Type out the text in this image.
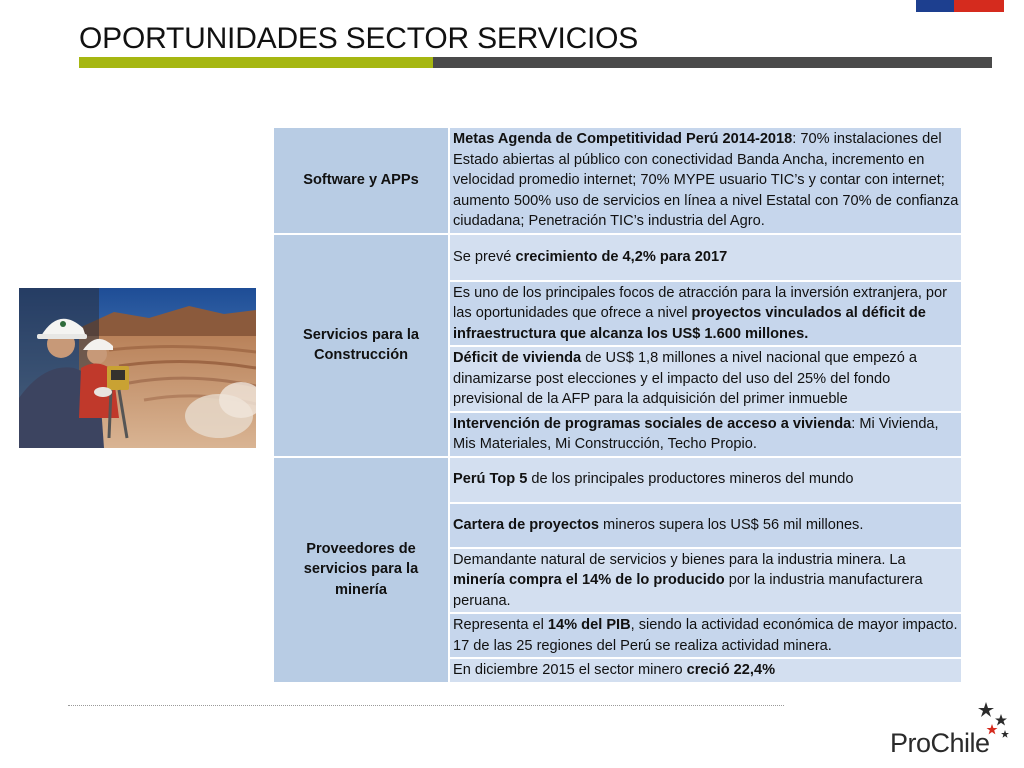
OPORTUNIDADES SECTOR SERVICIOS
Software y APPs	Metas Agenda de Competitividad Perú 2014-2018: 70% instalaciones del Estado abiertas al público con conectividad Banda Ancha, incremento en velocidad promedio internet; 70% MYPE usuario TIC’s y contar con internet; aumento 500% uso de servicios en línea a nivel Estatal con 70% de confianza ciudadana; Penetración TIC’s industria del Agro.
Servicios para la Construcción	Se prevé crecimiento de 4,2% para 2017
	Es uno de los principales focos de atracción para la inversión extranjera, por las oportunidades que ofrece a nivel proyectos vinculados al déficit de infraestructura que alcanza los US$ 1.600 millones.
	Déficit de vivienda de US$ 1,8 millones a nivel nacional que empezó a dinamizarse post elecciones y el impacto del uso del 25% del fondo previsional de la AFP para la adquisición del primer inmueble
	Intervención de programas sociales de acceso a vivienda: Mi Vivienda, Mis Materiales, Mi Construcción, Techo Propio.
Proveedores de servicios para la minería	Perú Top 5 de los principales productores mineros del mundo
	Cartera de proyectos mineros supera los US$ 56 mil millones.
	Demandante natural de servicios y bienes para la industria minera. La minería compra el 14% de lo producido por la industria manufacturera peruana.
	Representa el 14% del PIB, siendo la actividad económica de mayor impacto. 17 de las 25 regiones del Perú se realiza actividad minera.
	En diciembre 2015 el sector minero creció 22,4%
ProChile
